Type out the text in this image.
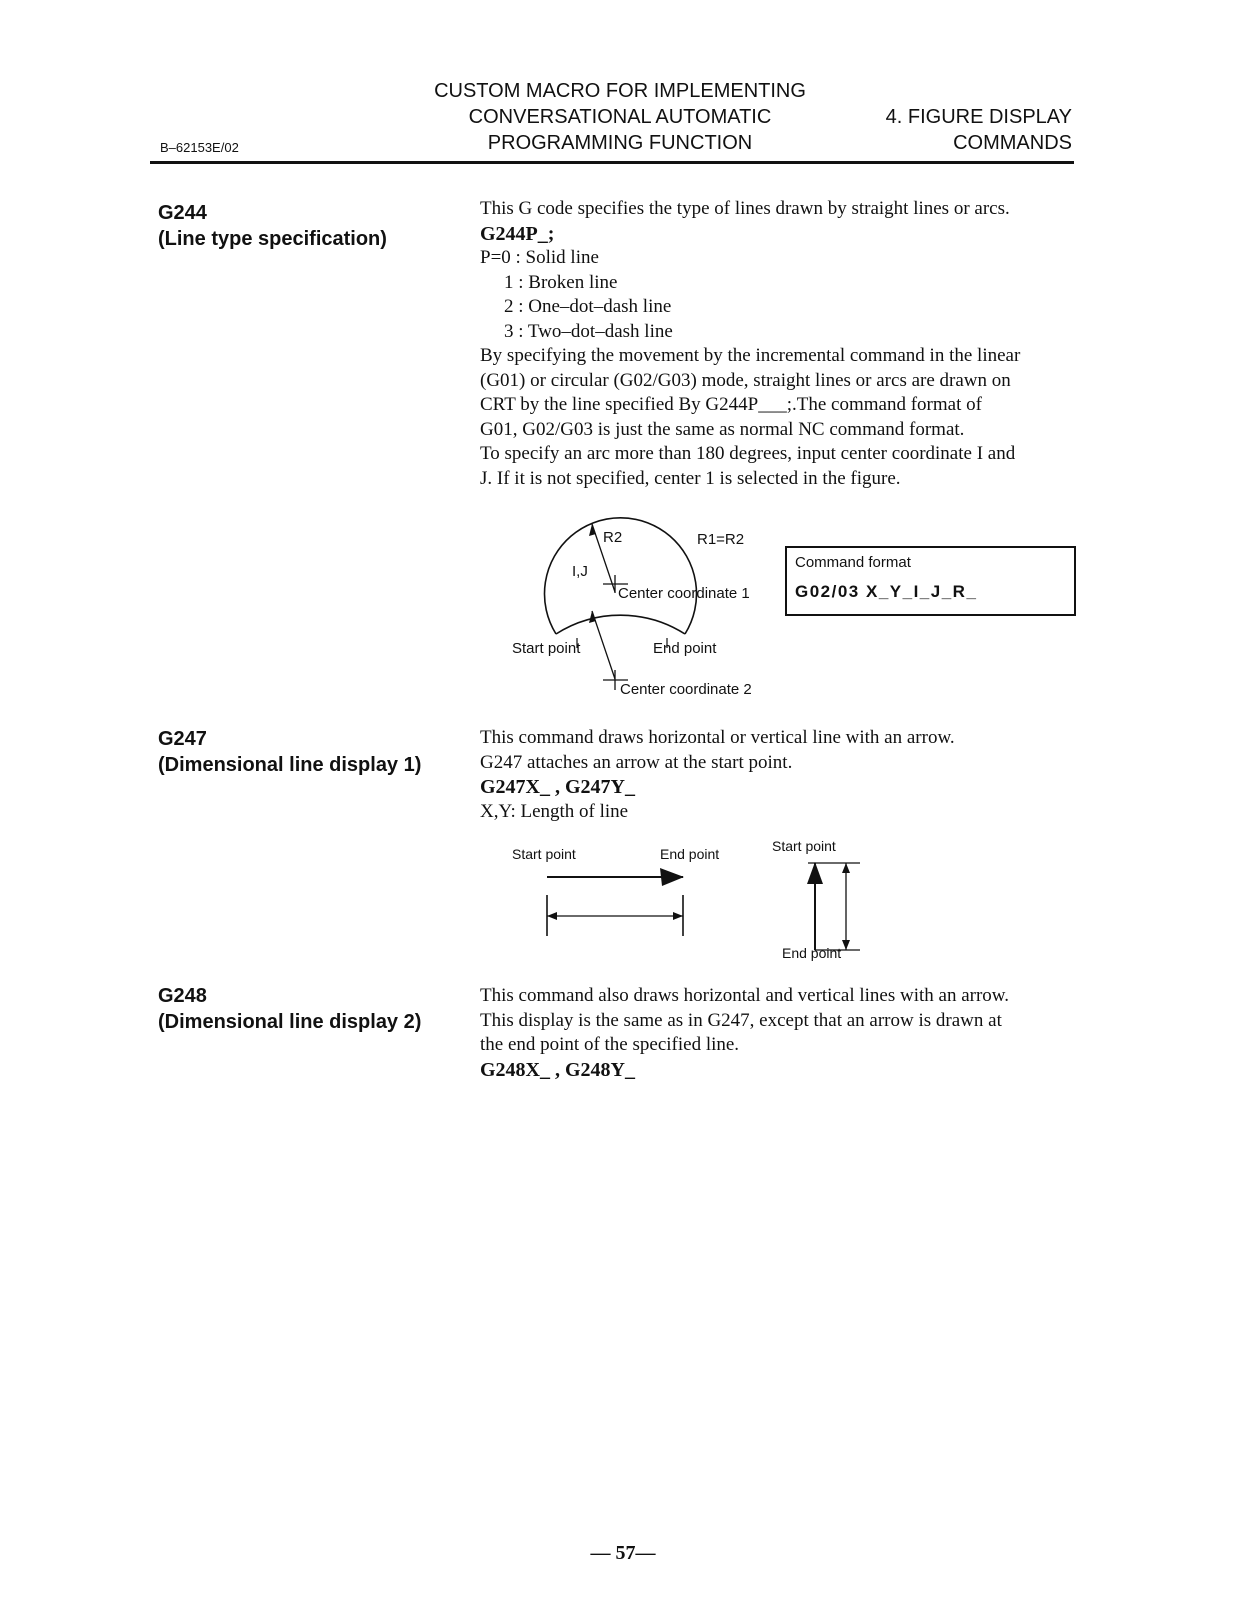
CUSTOM MACRO FOR IMPLEMENTING
CONVERSATIONAL AUTOMATIC
PROGRAMMING FUNCTION
4. FIGURE DISPLAY
COMMANDS
B–62153E/02
G244
(Line type specification)
This G code specifies the type of lines drawn by straight lines or arcs.
G244P_;
P=0 : Solid line
1 : Broken line
2 : One–dot–dash line
3 : Two–dot–dash line
By specifying the movement by the incremental command in the linear
(G01) or circular (G02/G03) mode, straight lines or arcs are drawn on
CRT by the line specified By G244P___;.The command format of
G01, G02/G03 is just the same as normal NC command format.
To specify an arc more than 180 degrees, input center coordinate I and
J. If it is not specified, center 1 is selected in the figure.
R2	R1=R2
I,J
Center coordinate 1
Start point	End point
Center coordinate 2
Command format
G02/03 X_Y_I_J_R_
G247
(Dimensional line display 1)
This command draws horizontal or vertical line with an arrow.
G247 attaches an arrow at the start point.
G247X_ , G247Y_
X,Y: Length of line
Start point	End point	Start point
End point
G248
(Dimensional line display 2)
This command also draws horizontal and vertical lines with an arrow.
This display is the same as in G247, except that an arrow is drawn at
the end point of the specified line.
G248X_ , G248Y_
— 57—
